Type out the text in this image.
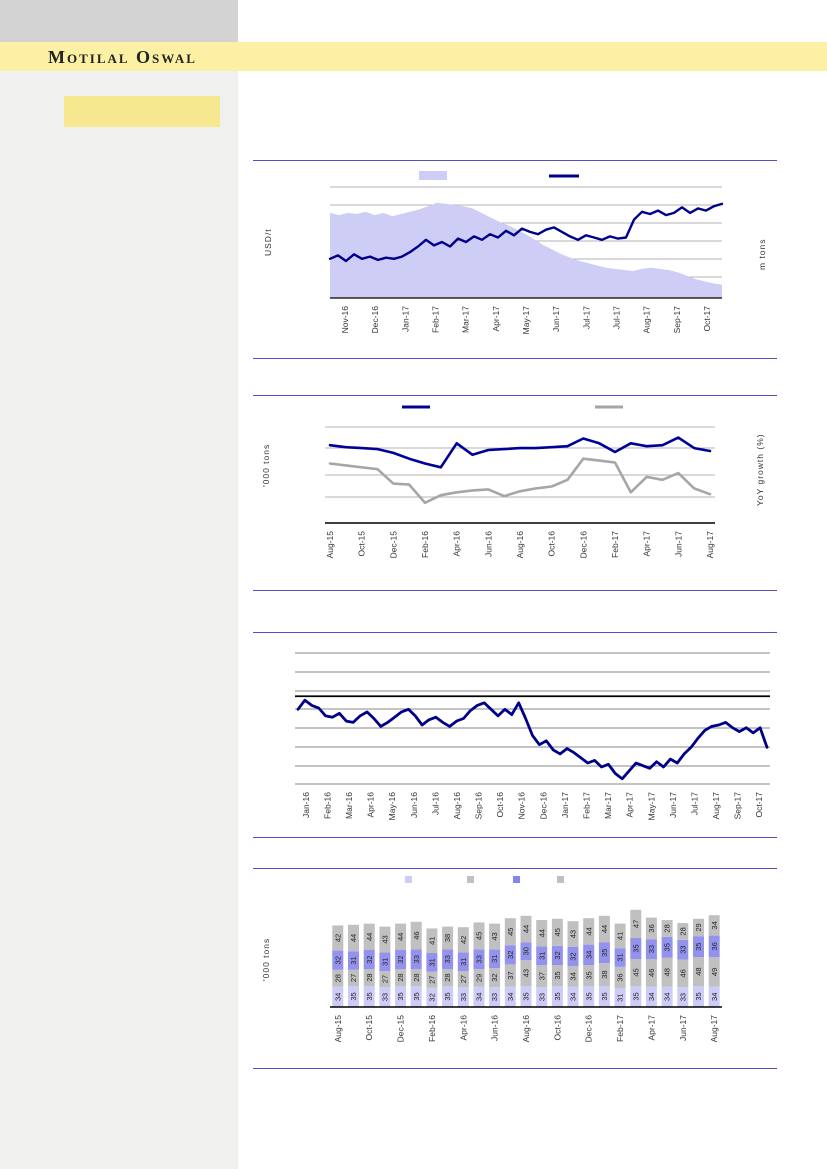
Motilal Oswal
USD/t	m tons
Nov-16 Dec-16 Jan-17 Feb-17 Mar-17 Apr-17 May-17 Jun-17 Jul-17 Jul-17 Aug-17 Sep-17 Oct-17
'000 tons	YoY growth (%)
Aug-15	Oct-15	Dec-15	Feb-16	Apr-16	Jun-16	Aug-16	Oct-16	Dec-16	Feb-17	Apr-17	Jun-17	Aug-17
Jan-16 Feb-16 Mar-16 Apr-16 May-16 Jun-16 Jul-16 Aug-16 Sep-16 Oct-16 Nov-16 Dec-16 Jan-17 Feb-17 Mar-17 Apr-17 May-17 Jun-17 Jul-17 Aug-17 Sep-17 Oct-17
'000 tons
34
28
32
42
35
27
31
44
35
28
32
44
33
27
31
43
35
28
32
44
35
28
33
46
32
27
31
41
35
28
33
38
33
27
31
42
34
29
33
45
33
32
31
43
34
37
32
45
35
43
30
44
33
37
31
44
35
35
32
45
34
34
32
43
35
35
34
44
35
38
35
44
31
36
31
41
35
45
35
47
34
46
33
36
34
48
35
28
33
46
33
28
35
48
35
29
34
49
36
34
Aug-15	Oct-15	Dec-15	Feb-16	Apr-16	Jun-16	Aug-16	Oct-16	Dec-16	Feb-17	Apr-17	Jun-17	Aug-17
